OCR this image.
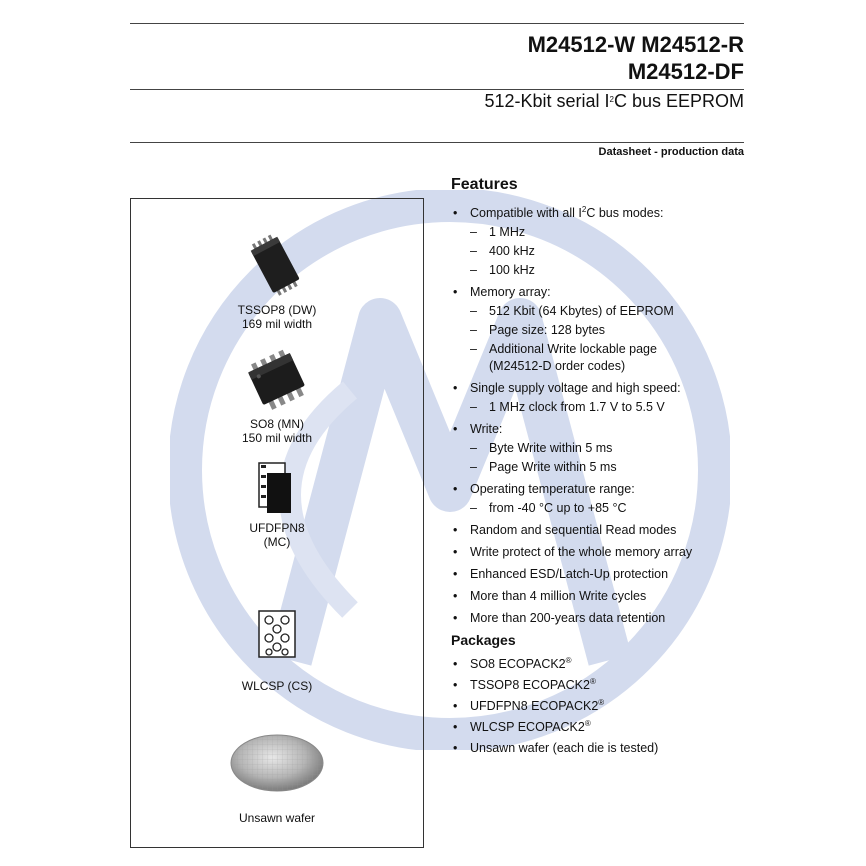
M24512-W M24512-R
M24512-DF
512-Kbit serial $I^2C$ bus EEPROM
Datasheet - production data
TSSOP8 (DW)
169 mil width
SO8 (MN)
150 mil width
UFDFPN8
(MC)
WLCSP (CS)
Unsawn wafer
Features
• Compatible with all $I^2C$ bus modes:
– 1 MHz
– 400 kHz
– 100 kHz
• Memory array:
– 512 Kbit (64 Kbytes) of EEPROM
– Page size: 128 bytes
– Additional Write lockable page
(M24512-D order codes)
• Single supply voltage and high speed:
– 1 MHz clock from 1.7 V to 5.5 V
• Write:
– Byte Write within 5 ms
– Page Write within 5 ms
• Operating temperature range:
– from -40 °C up to +85 °C
• Random and sequential Read modes
• Write protect of the whole memory array
• Enhanced ESD/Latch-Up protection
• More than 4 million Write cycles
• More than 200-years data retention
Packages
• SO8 ECOPACK2®
• TSSOP8 ECOPACK2®
• UFDFPN8 ECOPACK2®
• WLCSP ECOPACK2®
• Unsawn wafer (each die is tested)
